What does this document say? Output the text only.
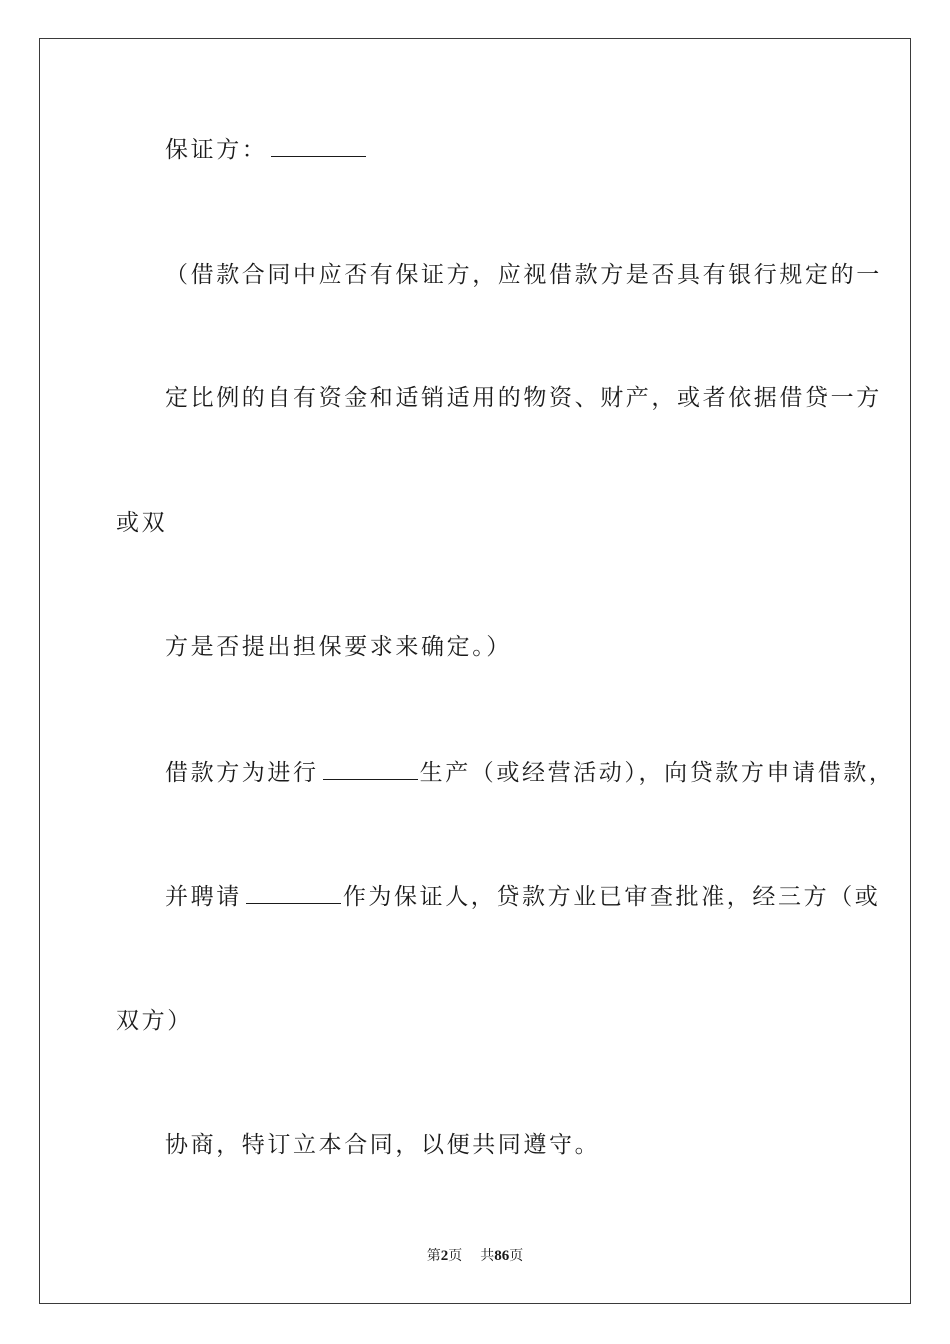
保证方：
（借款合同中应否有保证方，应视借款方是否具有银行规定的一
定比例的自有资金和适销适用的物资、财产，或者依据借贷一方
或双
方是否提出担保要求来确定。）
借款方为进行	生产（或经营活动），向贷款方申请借款，
并聘请	作为保证人，贷款方业已审查批准，经三方（或
双方）
协商，特订立本合同，以便共同遵守。
第2页 共86页
